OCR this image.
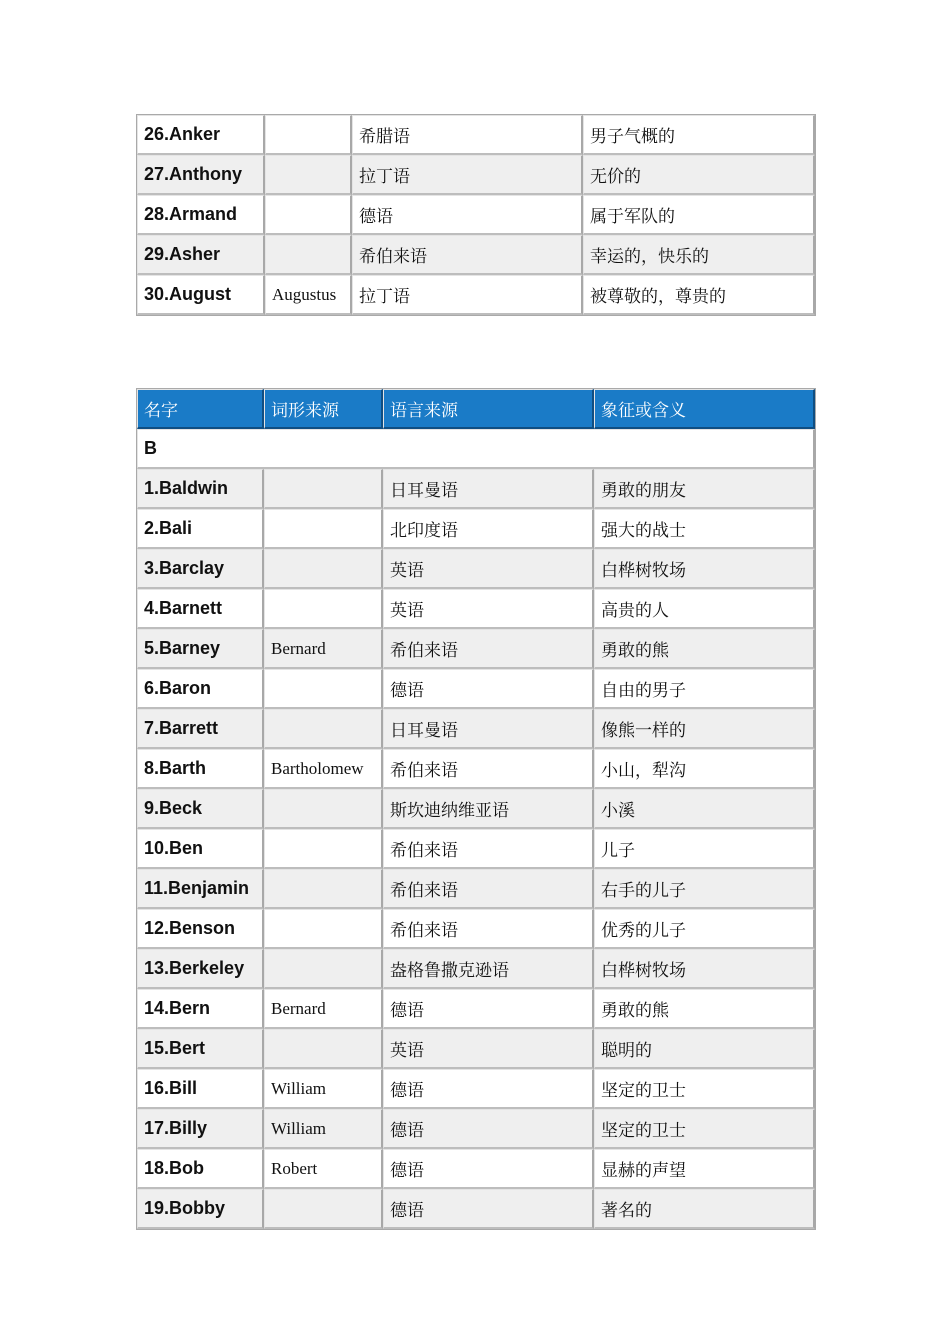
26.Anker		希腊语	男子气概的
27.Anthony		拉丁语	无价的
28.Armand		德语	属于军队的
29.Asher		希伯来语	幸运的，快乐的
30.August	Augustus	拉丁语	被尊敬的，尊贵的
名字	词形来源	语言来源	象征或含义
B			
1.Baldwin		日耳曼语	勇敢的朋友
2.Bali		北印度语	强大的战士
3.Barclay		英语	白桦树牧场
4.Barnett		英语	高贵的人
5.Barney	Bernard	希伯来语	勇敢的熊
6.Baron		德语	自由的男子
7.Barrett		日耳曼语	像熊一样的
8.Barth	Bartholomew	希伯来语	小山，犁沟
9.Beck		斯坎迪纳维亚语	小溪
10.Ben		希伯来语	儿子
11.Benjamin		希伯来语	右手的儿子
12.Benson		希伯来语	优秀的儿子
13.Berkeley		盎格鲁撒克逊语	白桦树牧场
14.Bern	Bernard	德语	勇敢的熊
15.Bert		英语	聪明的
16.Bill	William	德语	坚定的卫士
17.Billy	William	德语	坚定的卫士
18.Bob	Robert	德语	显赫的声望
19.Bobby		德语	著名的
